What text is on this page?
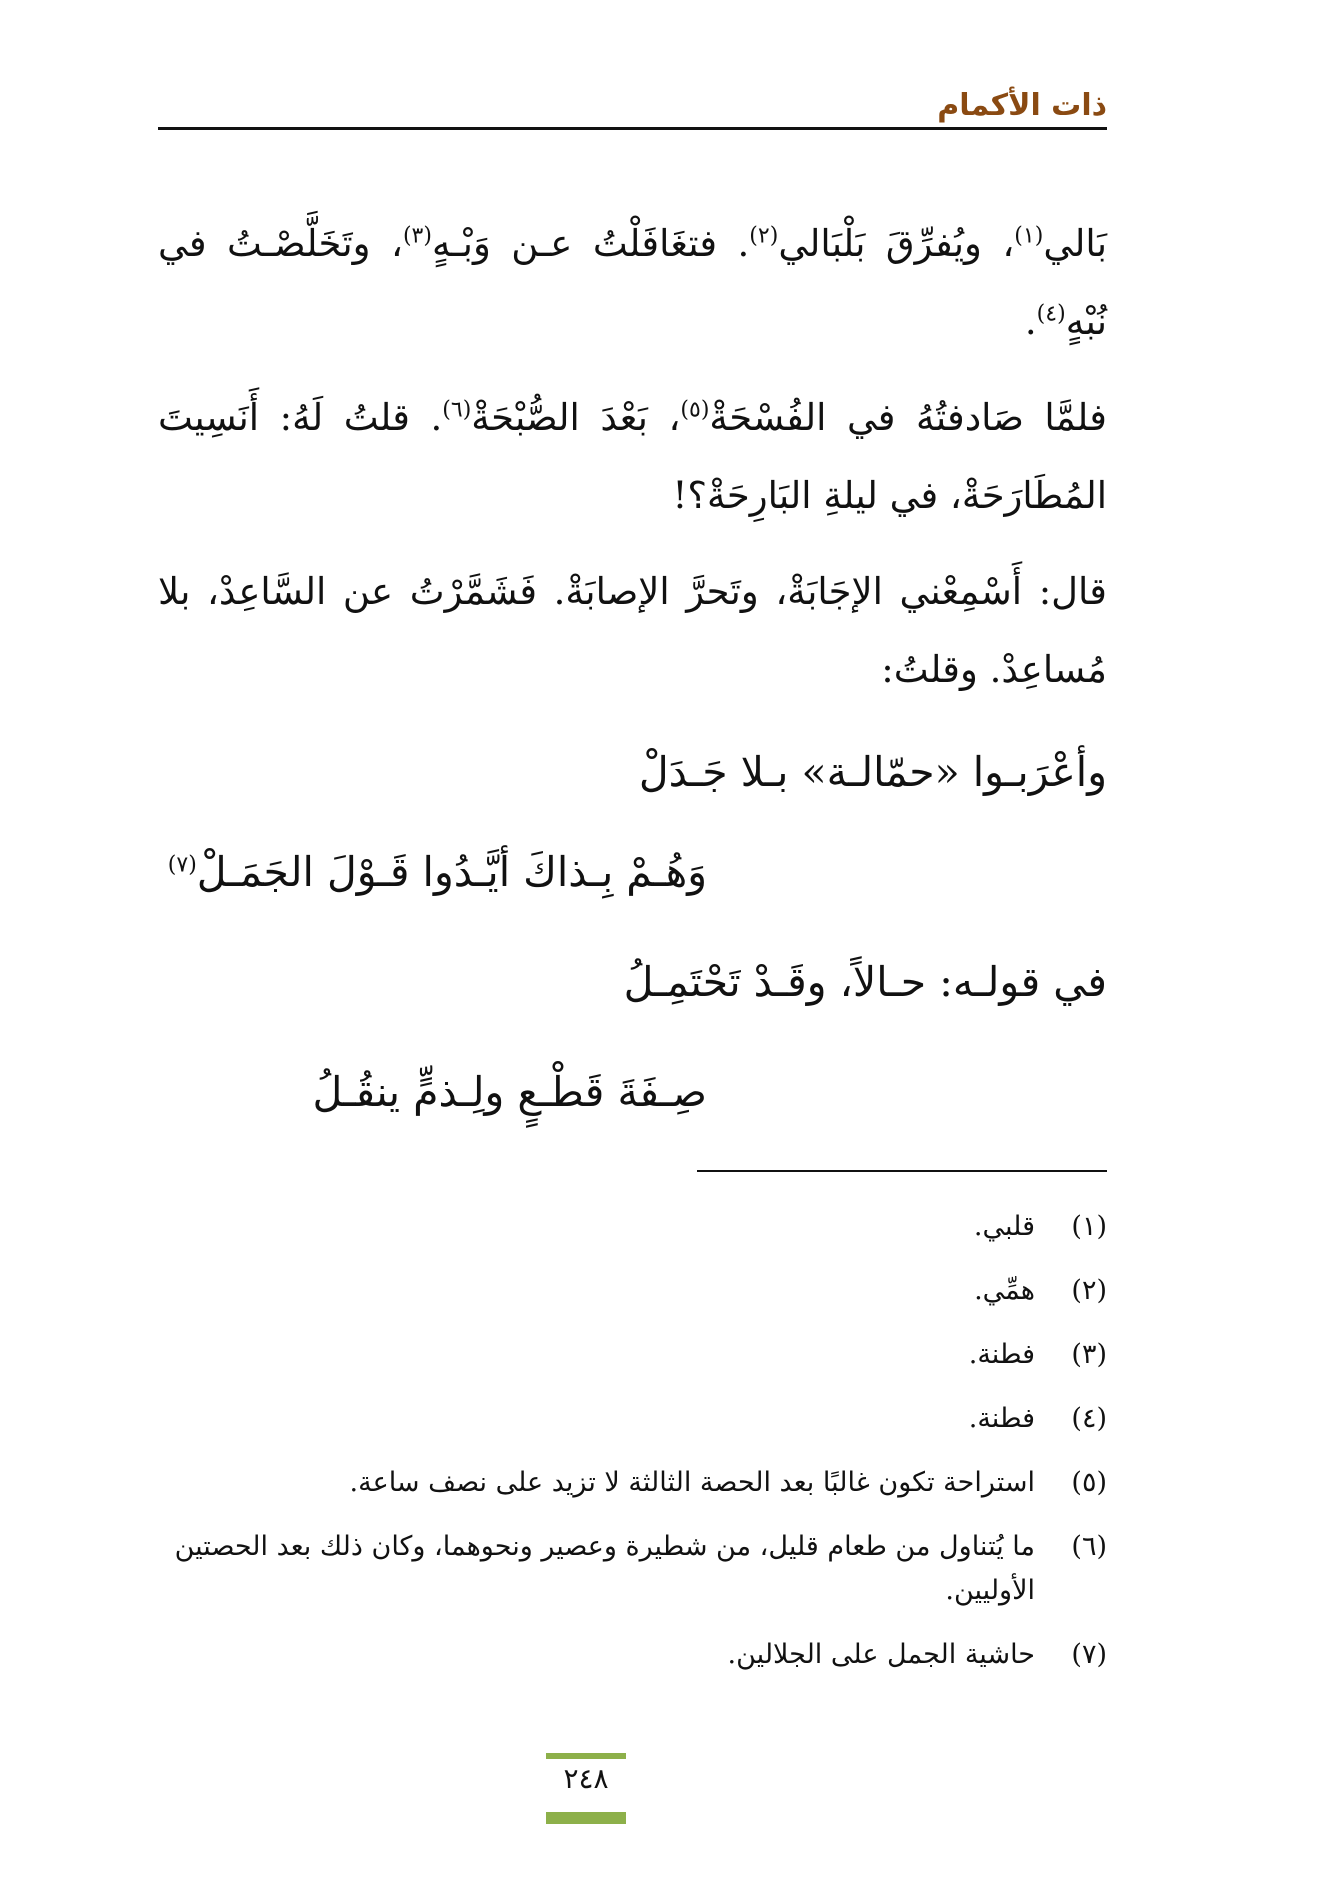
ذات الأكمام

بَالي$^{(١)}$، ويُفرِّقَ بَلْبَالي$^{(٢)}$. فتغَافَلْتُ عـن وَبْـهٍ$^{(٣)}$، وتَخَلَّصْـتُ في نُبْهٍ$^{(٤)}$.

فلمَّا صَادفتُهُ في الفُسْحَةْ$^{(٥)}$، بَعْدَ الصُّبْحَةْ$^{(٦)}$. قلتُ لَهُ: أَنَسِيتَ المُطَارَحَةْ، في ليلةِ البَارِحَةْ؟!

قال: أَسْمِعْني الإجَابَةْ، وتَحرَّ الإصابَةْ. فَشَمَّرْتُ عن السَّاعِدْ، بلا مُساعِدْ. وقلتُ:

وأعْرَبـوا «حمّالـة» بـلا جَـدَلْ
وَهُـمْ بِـذاكَ أيَّـدُوا قَـوْلَ الجَمَـلْ$^{(٧)}$
في قولـه: حـالاً، وقَـدْ تَحْتَمِـلُ
صِـفَةَ قَطْـعٍ ولِـذمٍّ ينقُـلُ
(١)
قلبي.
(٢)
همِّي.
(٣)
فطنة.
(٤)
فطنة.
(٥)
استراحة تكون غالبًا بعد الحصة الثالثة لا تزيد على نصف ساعة.
(٦)
ما يُتناول من طعام قليل، من شطيرة وعصير ونحوهما، وكان ذلك بعد الحصتين الأوليين.
(٧)
حاشية الجمل على الجلالين.
٢٤٨
